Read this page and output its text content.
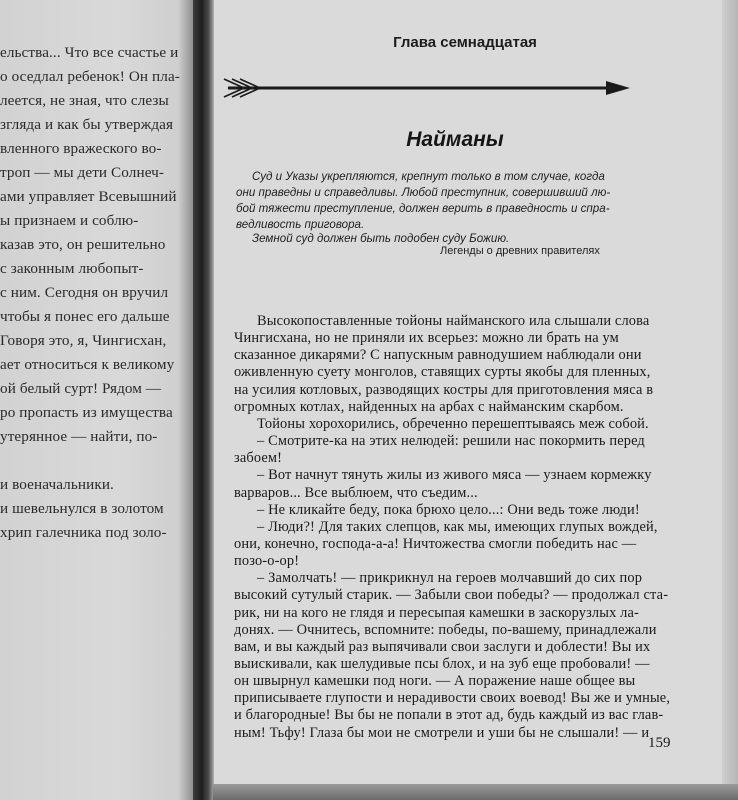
ельства... Что все счастье и
о оседлал ребенок! Он пла-
леется, не зная, что слезы
згляда и как бы утверждая
вленного вражеского во-
троп — мы дети Солнеч-
ами управляет Всевышний
ы признаем и соблю-
казав это, он решительно
с законным любопыт-
с ним. Сегодня он вручил
чтобы я понес его дальше
Говоря это, я, Чингисхан,
ает относиться к великому
ой белый сурт! Рядом —
ро пропасть из имущества
утерянное — найти, по-
и военачальники.
и шевельнулся в золотом
хрип галечника под золо-
Глава семнадцатая
Найманы
Суд и Указы укрепляются, крепнут только в том случае, когда
они праведны и справедливы. Любой преступник, совершивший лю-
бой тяжести преступление, должен верить в праведность и спра-
ведливость приговора.
Земной суд должен быть подобен суду Божию.
Легенды о древних правителях
Высокопоставленные тойоны найманского ила слышали слова
Чингисхана, но не приняли их всерьез: можно ли брать на ум
сказанное дикарями? С напускным равнодушием наблюдали они
оживленную суету монголов, ставящих сурты якобы для пленных,
на усилия котловых, разводящих костры для приготовления мяса в
огромных котлах, найденных на арбах с найманским скарбом.
Тойоны хорохорились, обреченно перешептываясь меж собой.
– Смотрите-ка на этих нелюдей: решили нас покормить перед
забоем!
– Вот начнут тянуть жилы из живого мяса — узнаем кормежку
варваров... Все выблюем, что съедим...
– Не кликайте беду, пока брюхо цело...: Они ведь тоже люди!
– Люди?! Для таких слепцов, как мы, имеющих глупых вождей,
они, конечно, господа-а-а! Ничтожества смогли победить нас —
позо-о-ор!
– Замолчать! — прикрикнул на героев молчавший до сих пор
высокий сутулый старик. — Забыли свои победы? — продолжал ста-
рик, ни на кого не глядя и пересыпая камешки в заскорузлых ла-
донях. — Очнитесь, вспомните: победы, по-вашему, принадлежали
вам, и вы каждый раз выпячивали свои заслуги и доблести! Вы их
выискивали, как шелудивые псы блох, и на зуб еще пробовали! —
он швырнул камешки под ноги. — А поражение наше общее вы
приписываете глупости и нерадивости своих воевод! Вы же и умные,
и благородные! Вы бы не попали в этот ад, будь каждый из вас глав-
ным! Тьфу! Глаза бы мои не смотрели и уши бы не слышали! — и
159
